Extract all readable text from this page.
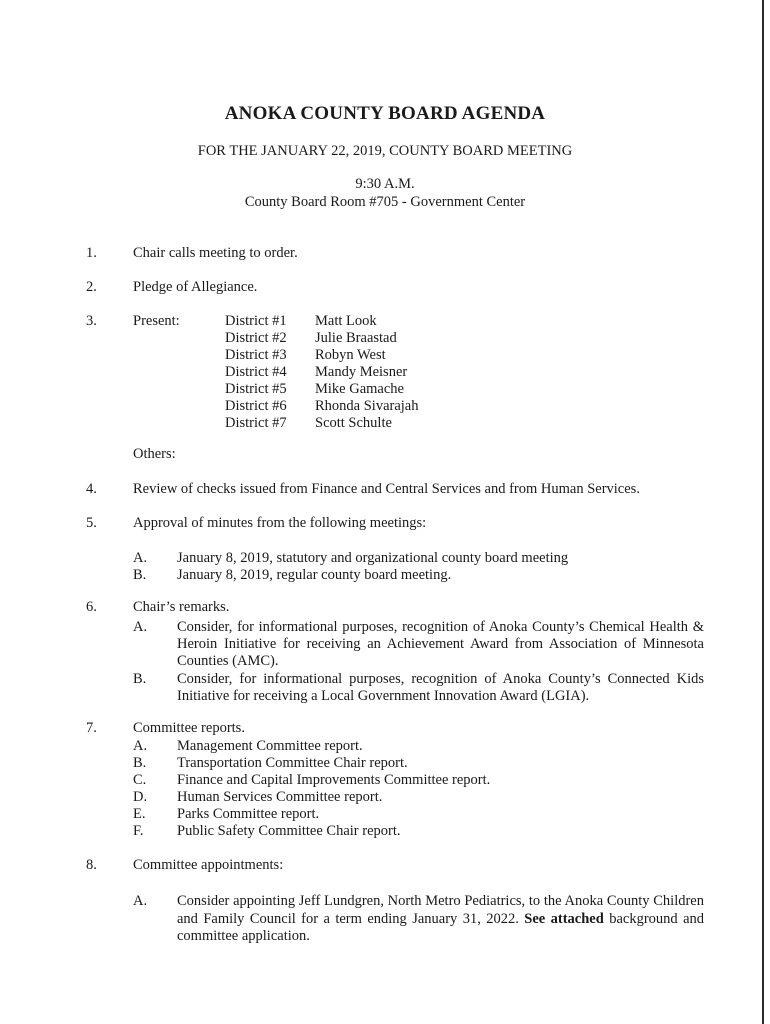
ANOKA COUNTY BOARD AGENDA
FOR THE JANUARY 22, 2019, COUNTY BOARD MEETING
9:30 A.M.
County Board Room #705 - Government Center
1. Chair calls meeting to order.
2. Pledge of Allegiance.
3. Present:	District #1 Matt Look
District #2 Julie Braastad
District #3 Robyn West
District #4 Mandy Meisner
District #5 Mike Gamache
District #6 Rhonda Sivarajah
District #7 Scott Schulte
Others:
4. Review of checks issued from Finance and Central Services and from Human Services.
5. Approval of minutes from the following meetings:
A. January 8, 2019, statutory and organizational county board meeting
B. January 8, 2019, regular county board meeting.
6. Chair’s remarks.
A. Consider, for informational purposes, recognition of Anoka County’s Chemical Health & Heroin Initiative for receiving an Achievement Award from Association of Minnesota Counties (AMC).
B. Consider, for informational purposes, recognition of Anoka County’s Connected Kids Initiative for receiving a Local Government Innovation Award (LGIA).
7. Committee reports.
A. Management Committee report.
B. Transportation Committee Chair report.
C. Finance and Capital Improvements Committee report.
D. Human Services Committee report.
E. Parks Committee report.
F. Public Safety Committee Chair report.
8. Committee appointments:
A. Consider appointing Jeff Lundgren, North Metro Pediatrics, to the Anoka County Children and Family Council for a term ending January 31, 2022. See attached background and committee application.
